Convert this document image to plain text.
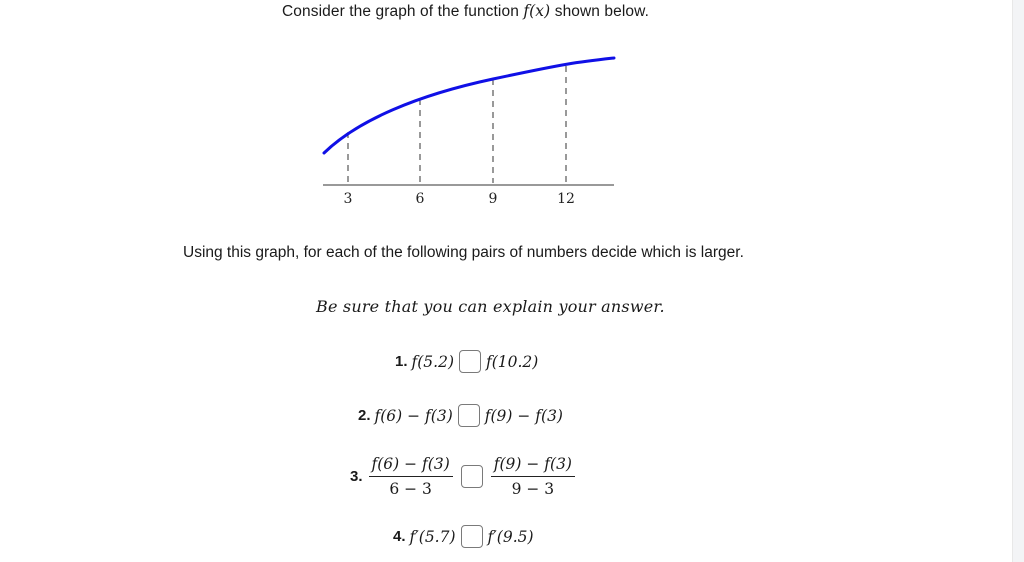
Consider the graph of the function f(x) shown below.
3	6	9	12
Using this graph, for each of the following pairs of numbers decide which is larger.
Be sure that you can explain your answer.
1. f(5.2) f(10.2)
2. f(6) − f(3) f(9) − f(3)
3. $\frac{f(6) - f(3)}{6 - 3} \frac{f(9) - f(3)}{9 - 3}$
4. f′(5.7) f′(9.5)
